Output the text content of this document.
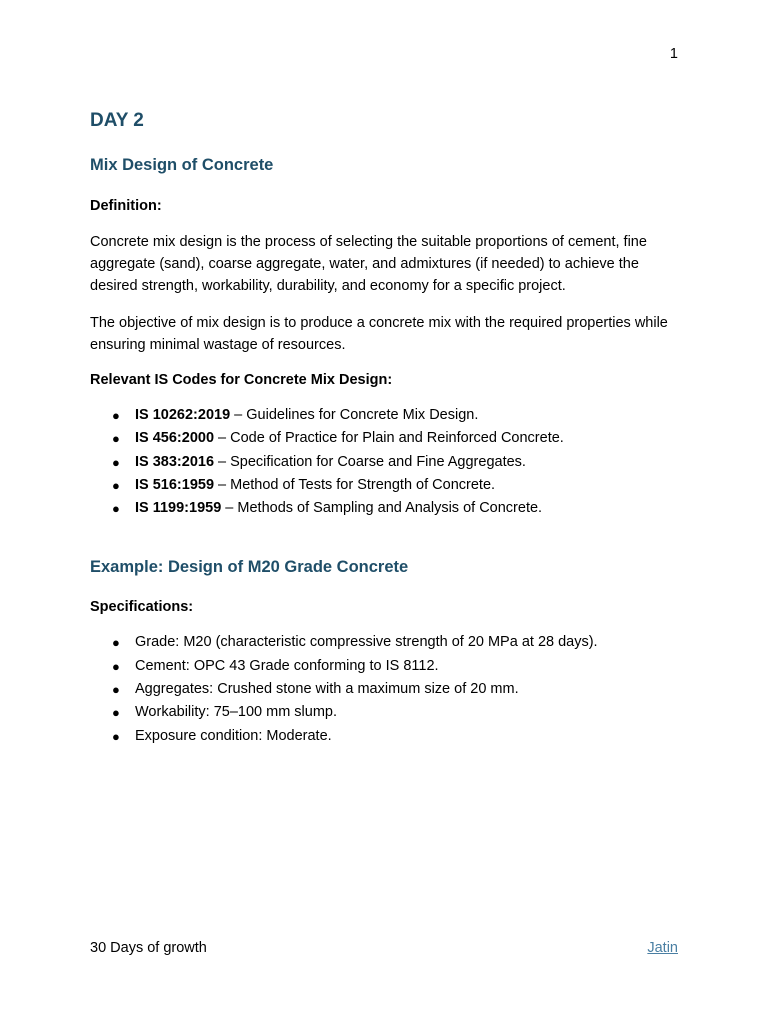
1
DAY 2
Mix Design of Concrete
Definition:

Concrete mix design is the process of selecting the suitable proportions of cement, fine aggregate (sand), coarse aggregate, water, and admixtures (if needed) to achieve the desired strength, workability, durability, and economy for a specific project.

The objective of mix design is to produce a concrete mix with the required properties while ensuring minimal wastage of resources.

Relevant IS Codes for Concrete Mix Design:
● IS 10262:2019 – Guidelines for Concrete Mix Design.
● IS 456:2000 – Code of Practice for Plain and Reinforced Concrete.
● IS 383:2016 – Specification for Coarse and Fine Aggregates.
● IS 516:1959 – Method of Tests for Strength of Concrete.
● IS 1199:1959 – Methods of Sampling and Analysis of Concrete.
Example: Design of M20 Grade Concrete
Specifications:
● Grade: M20 (characteristic compressive strength of 20 MPa at 28 days).
● Cement: OPC 43 Grade conforming to IS 8112.
● Aggregates: Crushed stone with a maximum size of 20 mm.
● Workability: 75–100 mm slump.
● Exposure condition: Moderate.
30 Days of growth	Jatin
